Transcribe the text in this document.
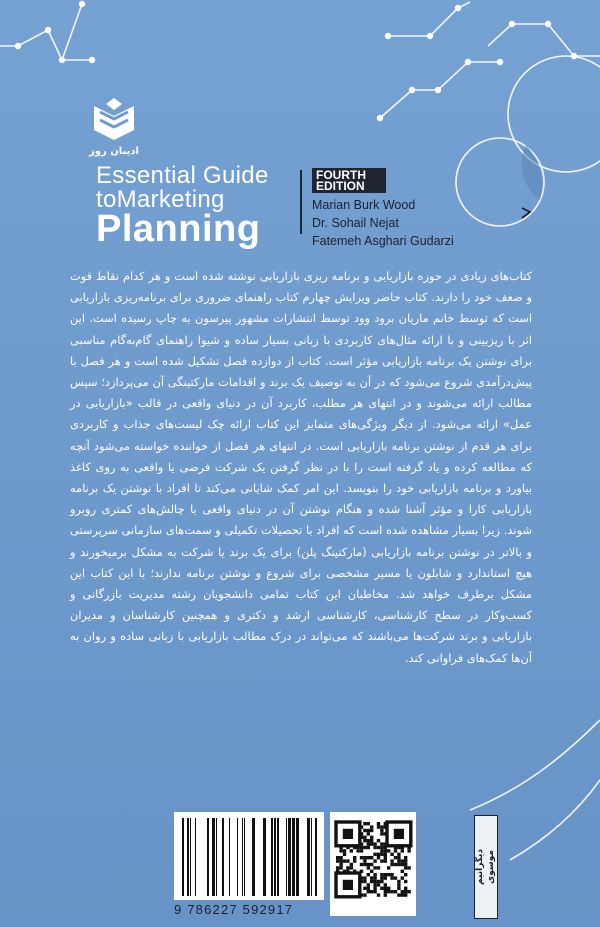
ادیبان روز
Essential Guide
toMarketing
Planning
FOURTH
EDITION
Marian Burk Wood
Dr. Sohail Nejat
Fatemeh Asghari Gudarzi
کتاب‌های زیادی در حوزه بازاریابی و برنامه ریزی بازاریابی نوشته شده است و هر کدام نقاط قوت و ضعف خود را دارند. کتاب حاضر ویرایش چهارم کتاب راهنمای ضروری برای برنامه‌ریزی بازاریابی است که توسط خانم ماریان برود وود توسط انتشارات مشهور پیرسون به چاپ رسیده است. این اثر با ریزبینی و با ارائه مثال‌های کاربردی با زبانی بسیار ساده و شیوا راهنمای گام‌به‌گام مناسبی برای نوشتن یک برنامه بازاریابی مؤثر است. کتاب از دوازده فصل تشکیل شده است و هر فصل با پیش‌درآمدی شروع می‌شود که در آن به توصیف یک برند و اقدامات مارکتینگی آن می‌پردازد؛ سپس مطالب ارائه می‌شوند و در انتهای هر مطلب، کاربرد آن در دنیای واقعی در قالب «بازاریابی در عمل» ارائه می‌شود. از دیگر ویژگی‌های متمایز این کتاب ارائه چک لیست‌های جذاب و کاربردی برای هر قدم از نوشتن برنامه بازاریابی است. در انتهای هر فصل از خواننده خواسته می‌شود آنچه که مطالعه کرده و یاد گرفته است را با در نظر گرفتن یک شرکت فرضی یا واقعی به روی کاغذ بیاورد و برنامه بازاریابی خود را بنویسد. این امر کمک شایانی می‌کند تا افراد با نوشتن یک برنامه بازاریابی کارا و مؤثر آشنا شده و هنگام نوشتن آن در دنیای واقعی با چالش‌های کمتری روبرو شوند. زیرا بسیار مشاهده شده است که افراد با تحصیلات تکمیلی و سمت‌های سازمانی سرپرستی و بالاتر در نوشتن برنامه بازاریابی (مارکتینگ پلن) برای یک برند یا شرکت به مشکل برمیخورند و هیچ استاندارد و شابلون یا مسیر مشخصی برای شروع و نوشتن برنامه ندارند؛ با این کتاب این مشکل برطرف خواهد شد. مخاطبان این کتاب تمامی دانشجویان رشته مدیریت بازرگانی و کسب‌وکار در سطح کارشناسی، کارشناسی ارشد و دکتری و همچنین کارشناسان و مدیران بازاریابی و برند شرکت‌ها می‌باشند که می‌تواند در درک مطالب بازاریابی با زبانی ساده و روان به آن‌ها کمک‌های فراوانی کند.
9 786227 592917
دیگرانیم موسوی
